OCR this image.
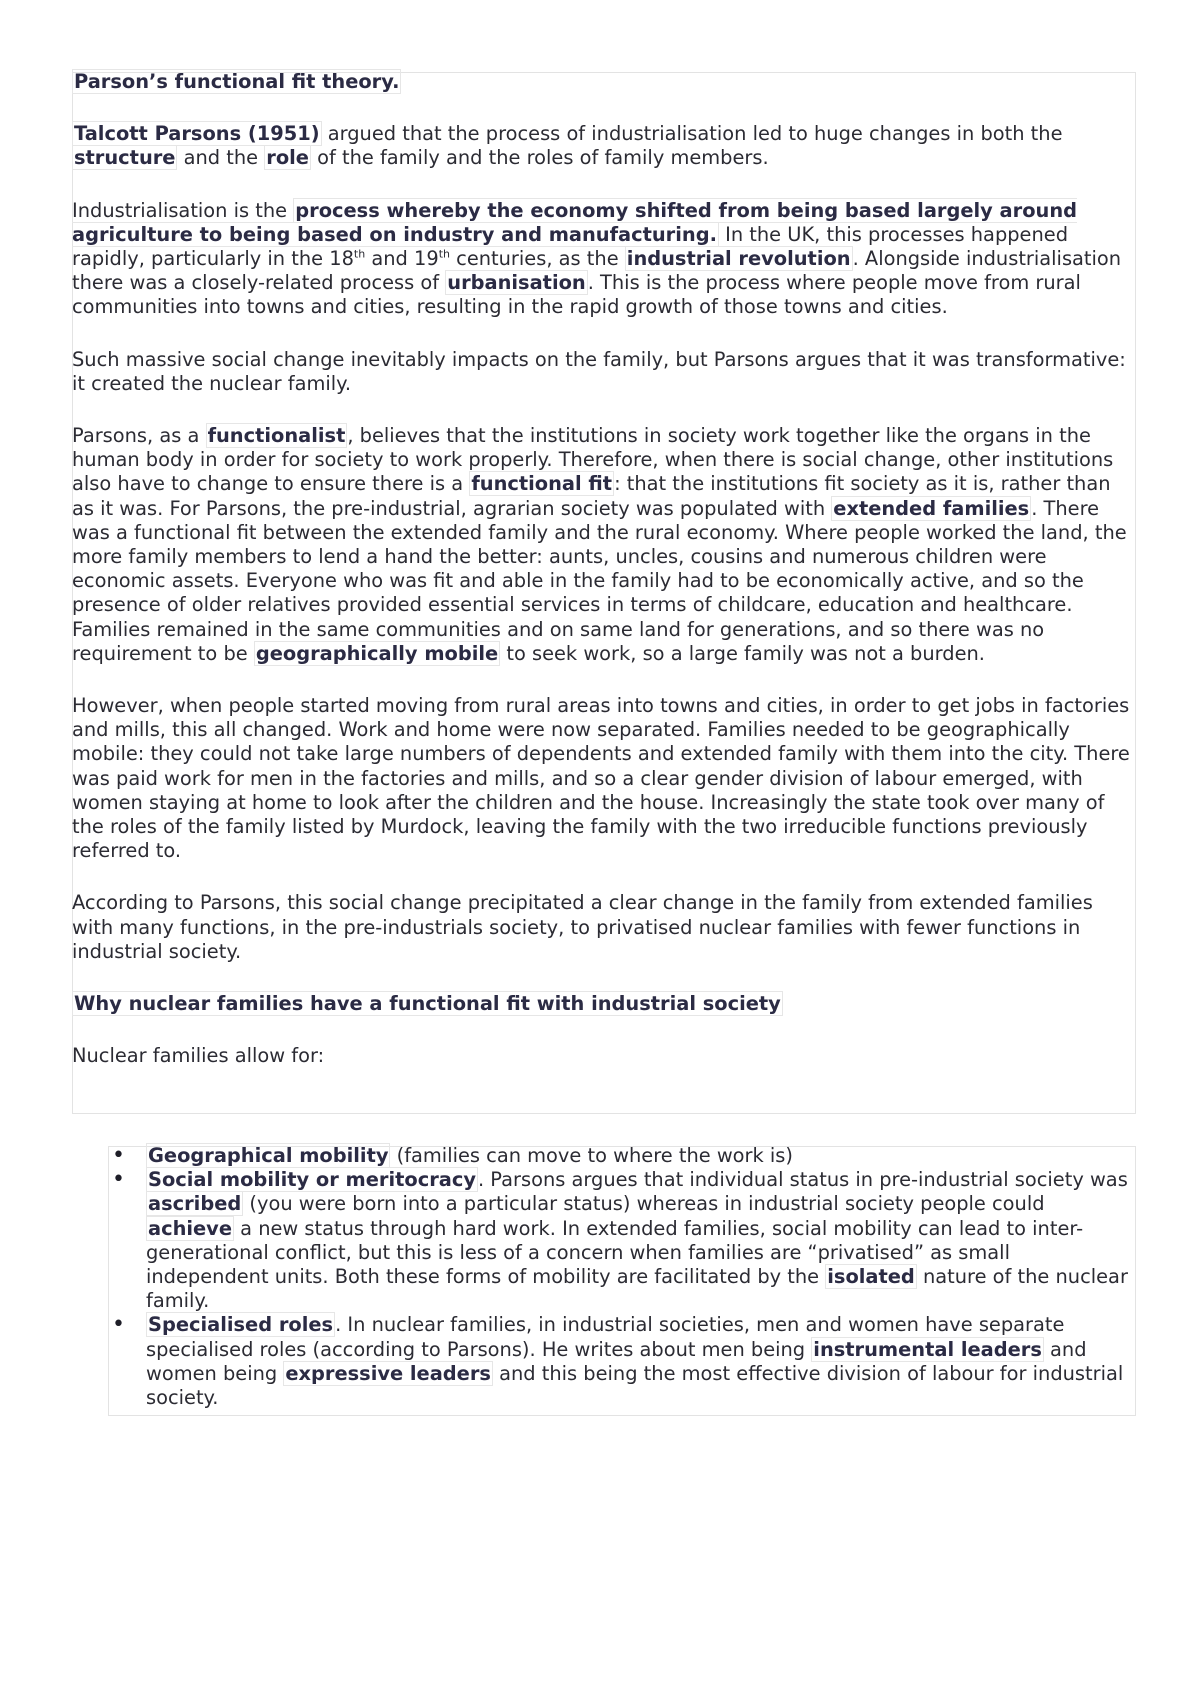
Parson’s functional fit theory.

Talcott Parsons (1951) argued that the process of industrialisation led to huge changes in both the structure and the role of the family and the roles of family members.

Industrialisation is the process whereby the economy shifted from being based largely around agriculture to being based on industry and manufacturing. In the UK, this processes happened rapidly, particularly in the 18th and 19th centuries, as the industrial revolution . Alongside industrialisation there was a closely-related process of urbanisation . This is the process where people move from rural communities into towns and cities, resulting in the rapid growth of those towns and cities.

Such massive social change inevitably impacts on the family, but Parsons argues that it was transformative: it created the nuclear family.

Parsons, as a functionalist , believes that the institutions in society work together like the organs in the human body in order for society to work properly. Therefore, when there is social change, other institutions also have to change to ensure there is a functional fit : that the institutions fit society as it is, rather than as it was. For Parsons, the pre-industrial, agrarian society was populated with extended families . There was a functional fit between the extended family and the rural economy. Where people worked the land, the more family members to lend a hand the better: aunts, uncles, cousins and numerous children were economic assets. Everyone who was fit and able in the family had to be economically active, and so the presence of older relatives provided essential services in terms of childcare, education and healthcare. Families remained in the same communities and on same land for generations, and so there was no requirement to be geographically mobile to seek work, so a large family was not a burden.

However, when people started moving from rural areas into towns and cities, in order to get jobs in factories and mills, this all changed. Work and home were now separated. Families needed to be geographically mobile: they could not take large numbers of dependents and extended family with them into the city. There was paid work for men in the factories and mills, and so a clear gender division of labour emerged, with women staying at home to look after the children and the house. Increasingly the state took over many of the roles of the family listed by Murdock, leaving the family with the two irreducible functions previously referred to.

According to Parsons, this social change precipitated a clear change in the family from extended families with many functions, in the pre-industrials society, to privatised nuclear families with fewer functions in industrial society.

Why nuclear families have a functional fit with industrial society

Nuclear families allow for:

• Geographical mobility (families can move to where the work is)
• Social mobility or meritocracy . Parsons argues that individual status in pre-industrial society was ascribed (you were born into a particular status) whereas in industrial society people could achieve a new status through hard work. In extended families, social mobility can lead to inter-generational conflict, but this is less of a concern when families are “privatised” as small independent units. Both these forms of mobility are facilitated by the isolated nature of the nuclear family.
• Specialised roles . In nuclear families, in industrial societies, men and women have separate specialised roles (according to Parsons). He writes about men being instrumental leaders and women being expressive leaders and this being the most effective division of labour for industrial society.
